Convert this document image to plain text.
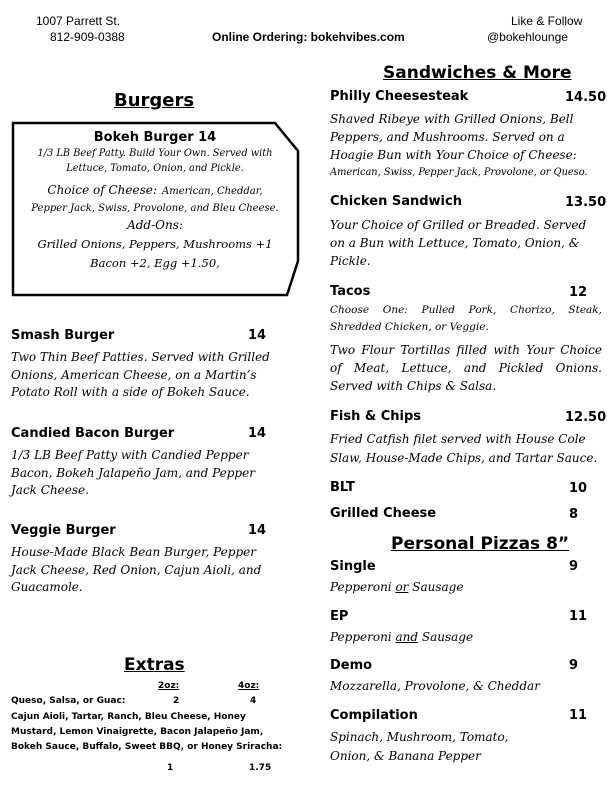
1007 Parrett St.
812-909-0388	Online Ordering: bokehvibes.com
Like & Follow
@bokehlounge
Burgers
Bokeh Burger 14
1/3 LB Beef Patty. Build Your Own. Served with
Lettuce, Tomato, Onion, and Pickle.
Choice of Cheese: American, Cheddar,
Pepper Jack, Swiss, Provolone, and Bleu Cheese.
Add-Ons:
Grilled Onions, Peppers, Mushrooms +1
Bacon +2, Egg +1.50,
Smash Burger	14
Two Thin Beef Patties. Served with Grilled
Onions, American Cheese, on a Martin’s
Potato Roll with a side of Bokeh Sauce.
Candied Bacon Burger	14
1/3 LB Beef Patty with Candied Pepper
Bacon, Bokeh Jalapeño Jam, and Pepper
Jack Cheese.
Veggie Burger	14
House-Made Black Bean Burger, Pepper
Jack Cheese, Red Onion, Cajun Aioli, and
Guacamole.
Extras
2oz:	4oz:
Queso, Salsa, or Guac:	2	4
Cajun Aioli, Tartar, Ranch, Bleu Cheese, Honey
Mustard, Lemon Vinaigrette, Bacon Jalapeño Jam,
Bokeh Sauce, Buffalo, Sweet BBQ, or Honey Sriracha:
1	1.75
Sandwiches & More
Philly Cheesesteak	14.50
Shaved Ribeye with Grilled Onions, Bell
Peppers, and Mushrooms. Served on a
Hoagie Bun with Your Choice of Cheese:
American, Swiss, Pepper Jack, Provolone, or Queso.
Chicken Sandwich	13.50
Your Choice of Grilled or Breaded. Served
on a Bun with Lettuce, Tomato, Onion, &
Pickle.
Tacos	12
Choose One: Pulled Pork, Chorizo, Steak,
Shredded Chicken, or Veggie.
Two Flour Tortillas filled with Your Choice
of Meat, Lettuce, and Pickled Onions.
Served with Chips & Salsa.
Fish & Chips	12.50
Fried Catfish filet served with House Cole
Slaw, House-Made Chips, and Tartar Sauce.
BLT	10
Grilled Cheese	8
Personal Pizzas 8”
Single	9
Pepperoni or Sausage
EP	11
Pepperoni and Sausage
Demo	9
Mozzarella, Provolone, & Cheddar
Compilation	11
Spinach, Mushroom, Tomato,
Onion, & Banana Pepper
